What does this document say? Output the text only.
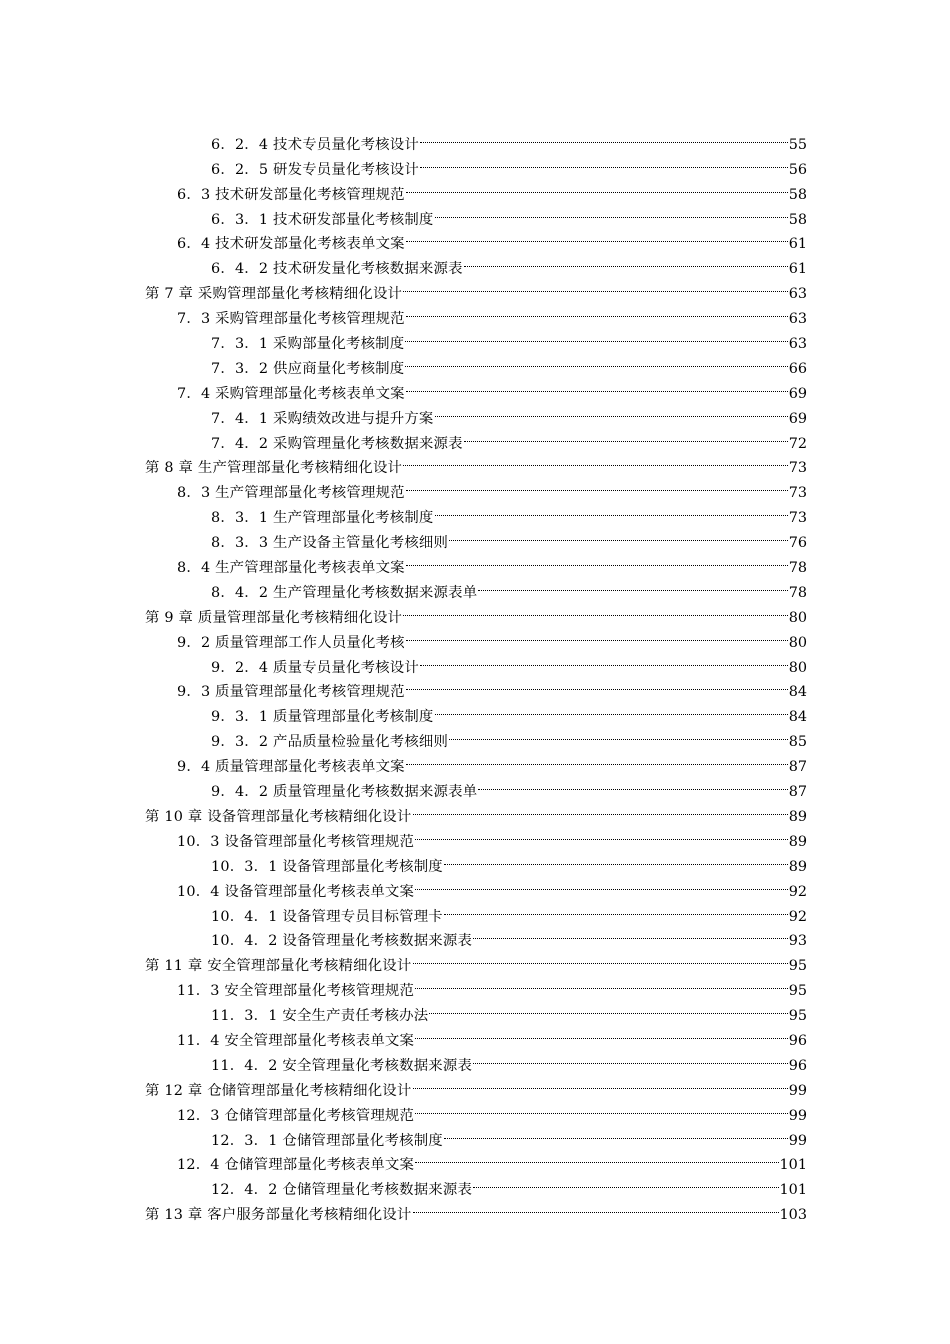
6．2．4 技术专员量化考核设计	55
6．2．5 研发专员量化考核设计	56
6．3 技术研发部量化考核管理规范	58
6．3．1 技术研发部量化考核制度	58
6．4 技术研发部量化考核表单文案	61
6．4．2 技术研发量化考核数据来源表	61
第 7 章 采购管理部量化考核精细化设计	63
7．3 采购管理部量化考核管理规范	63
7．3．1 采购部量化考核制度	63
7．3．2 供应商量化考核制度	66
7．4 采购管理部量化考核表单文案	69
7．4．1 采购绩效改进与提升方案	69
7．4．2 采购管理量化考核数据来源表	72
第 8 章 生产管理部量化考核精细化设计	73
8．3 生产管理部量化考核管理规范	73
8．3．1 生产管理部量化考核制度	73
8．3．3 生产设备主管量化考核细则	76
8．4 生产管理部量化考核表单文案	78
8．4．2 生产管理量化考核数据来源表单	78
第 9 章 质量管理部量化考核精细化设计	80
9．2 质量管理部工作人员量化考核	80
9．2．4 质量专员量化考核设计	80
9．3 质量管理部量化考核管理规范	84
9．3．1 质量管理部量化考核制度	84
9．3．2 产品质量检验量化考核细则	85
9．4 质量管理部量化考核表单文案	87
9．4．2 质量管理量化考核数据来源表单	87
第 10 章 设备管理部量化考核精细化设计	89
10．3 设备管理部量化考核管理规范	89
10．3．1 设备管理部量化考核制度	89
10．4 设备管理部量化考核表单文案	92
10．4．1 设备管理专员目标管理卡	92
10．4．2 设备管理量化考核数据来源表	93
第 11 章 安全管理部量化考核精细化设计	95
11．3 安全管理部量化考核管理规范	95
11．3．1 安全生产责任考核办法	95
11．4 安全管理部量化考核表单文案	96
11．4．2 安全管理量化考核数据来源表	96
第 12 章 仓储管理部量化考核精细化设计	99
12．3 仓储管理部量化考核管理规范	99
12．3．1 仓储管理部量化考核制度	99
12．4 仓储管理部量化考核表单文案	101
12．4．2 仓储管理量化考核数据来源表	101
第 13 章 客户服务部量化考核精细化设计	103
